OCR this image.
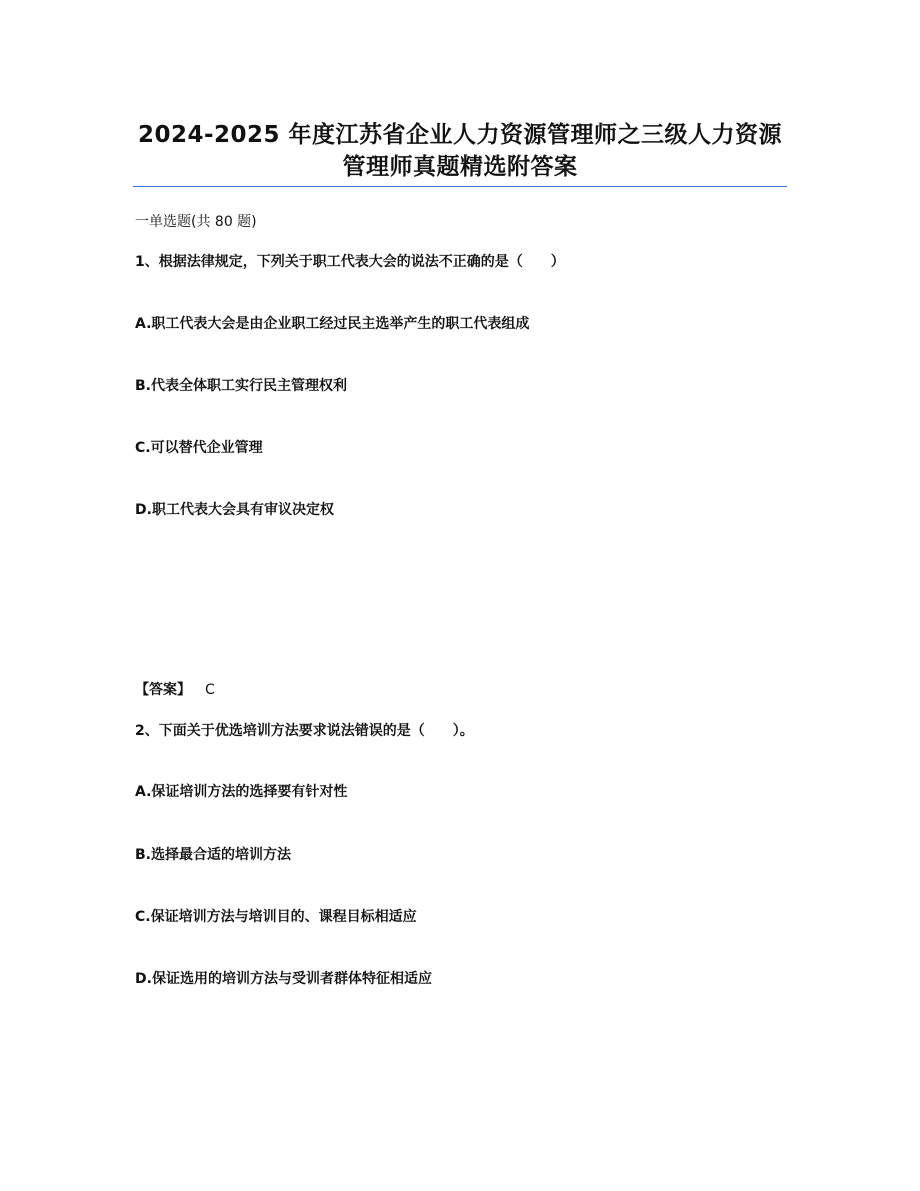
2024-2025 年度江苏省企业人力资源管理师之三级人力资源
管理师真题精选附答案
一单选题(共 80 题)
1、根据法律规定，下列关于职工代表大会的说法不正确的是（　　）
A.职工代表大会是由企业职工经过民主选举产生的职工代表组成
B.代表全体职工实行民主管理权利
C.可以替代企业管理
D.职工代表大会具有审议决定权
【答案】 C
2、下面关于优选培训方法要求说法错误的是（　　）。
A.保证培训方法的选择要有针对性
B.选择最合适的培训方法
C.保证培训方法与培训目的、课程目标相适应
D.保证选用的培训方法与受训者群体特征相适应
